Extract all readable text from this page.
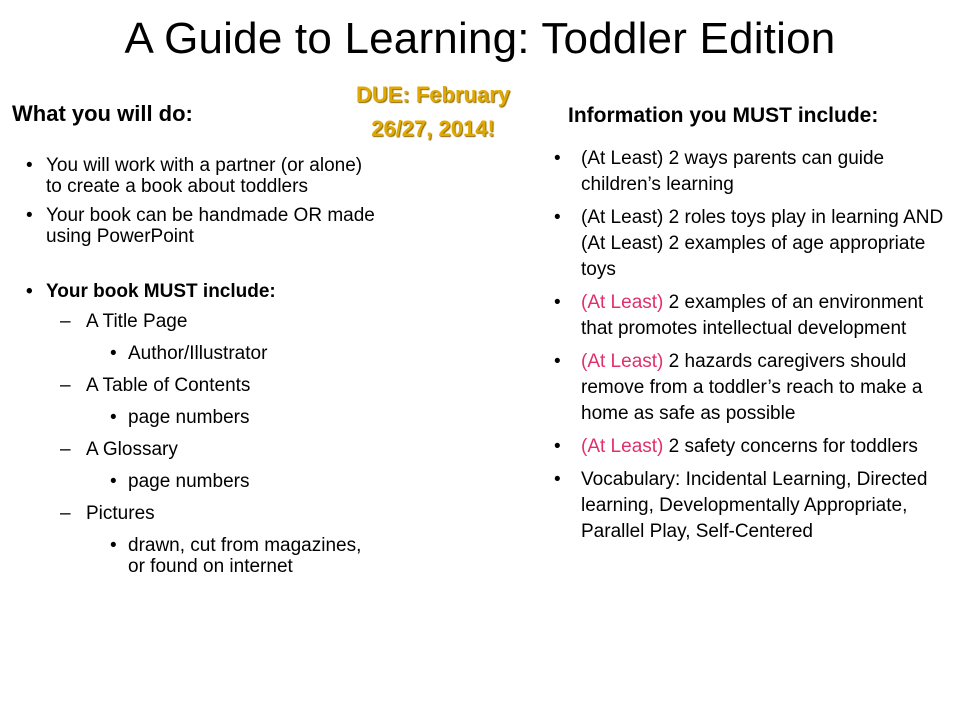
A Guide to Learning: Toddler Edition
What you will do:
DUE: February
26/27, 2014!
Information you MUST include:
• You will work with a partner (or alone) to create a book about toddlers
• Your book can be handmade OR made using PowerPoint
• Your book MUST include:
– A Title Page
• Author/Illustrator
– A Table of Contents
• page numbers
– A Glossary
• page numbers
– Pictures
• drawn, cut from magazines, or found on internet
• (At Least) 2 ways parents can guide children’s learning
• (At Least) 2 roles toys play in learning AND (At Least) 2 examples of age appropriate toys
• (At Least) 2 examples of an environment that promotes intellectual development
• (At Least) 2 hazards caregivers should remove from a toddler’s reach to make a home as safe as possible
• (At Least) 2 safety concerns for toddlers
• Vocabulary: Incidental Learning, Directed learning, Developmentally Appropriate, Parallel Play, Self-Centered
